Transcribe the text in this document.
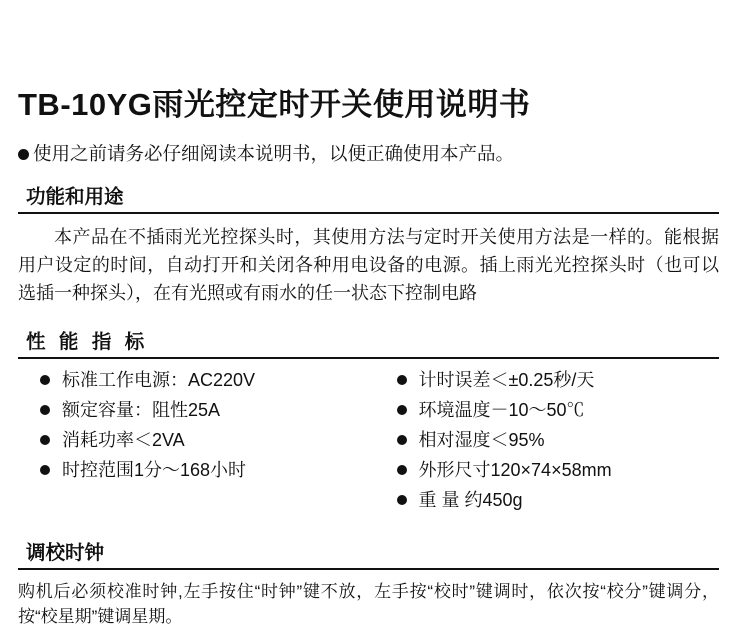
TB-10YG雨光控定时开关使用说明书
使用之前请务必仔细阅读本说明书，以便正确使用本产品。
功能和用途

本产品在不插雨光光控探头时，其使用方法与定时开关使用方法是一样的。能根据用户设定的时间，自动打开和关闭各种用电设备的电源。插上雨光光控探头时（也可以选插一种探头），在有光照或有雨水的任一状态下控制电路

性 能 指 标
标准工作电源：AC220V
额定容量：阻性25A
消耗功率＜2VA
时控范围1分～168小时
计时误差＜±0.25秒/天
环境温度－10～50℃
相对湿度＜95%
外形尺寸120×74×58mm
重 量 约450g
调校时钟

购机后必须校准时钟,左手按住“时钟”键不放，左手按“校时”键调时，依次按“校分”键调分，按“校星期”键调星期。
